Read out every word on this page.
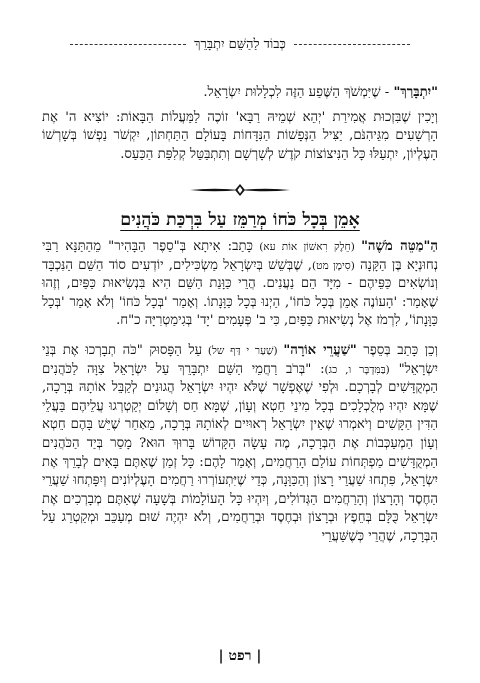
כְּבוֹד לַהַשֵּׁם יִתְבָּרֵךְ

"יִתְבָּרַךְ" - שֶׁיִּמְשֹׁךְ הַשֶּׁפַע הַזֶּה לִכְלָלוּת יִשְׂרָאֵל.

וְיָכִין שֶׁבִּזְכוּת אֲמִירַת 'יְהֵא שְׁמֵיהּ רַבָּא' זוֹכֶה לַמַּעֲלוֹת הַבָּאוֹת: יוֹצִיא ה' אֶת הָרְשָׁעִים מִגֵּיהִנֹּם, יַצִּיל הַנְּפָשׁוֹת הַנִּדָּחוֹת בָּעוֹלָם הַתַּחְתּוֹן, יִקְשֹׁר נַפְשׁוֹ בְּשָׁרְשׁוֹ הָעֶלְיוֹן, יִתְעַלּוּ כָּל הַנִּיצוֹצוֹת קֹדֶשׁ לְשָׁרְשָׁם וְתִתְבַּטֵּל קְלִפַּת הַכַּעַס.

אָמֵן בְּכָל כֹּחוֹ מְרַמֵּז עַל בִּרְכַּת כֹּהֲנִים

הַ"מַטֵּה מֹשֶׁה" (חֵלֶק רִאשׁוֹן אוֹת עא) כָּתַב: אִיתָא בְּ"סֵפֶר הַבָּהִיר" מֵהַתַּנָּא רַבִּי נְחוּנְיָא בֶּן הַקָּנָה (סִימָן מט), שֶׁבְּשֵׁשׁ בְּיִשְׂרָאֵל מַשְׂכִּילִים, יוֹדְעִים סוֹד הַשֵּׁם הַנִּכְבָּד וְנוֹשְׂאִים כַּפֵּיהֶם - מִיָּד הֵם נַעֲנִים. הֲרֵי כַּוָּנַת הַשֵּׁם הִיא בִּנְשִׂיאוּת כַּפַּיִם, וְזֶהוּ שֶׁאָמַר: 'הָעוֹנֶה אָמֵן בְּכָל כֹּחוֹ', הַיְנוּ בְּכָל כַּוָּנָתוֹ. וְאָמַר 'בְּכָל כֹּחוֹ' וְלֹא אָמַר 'בְּכָל כַּוָּנָתוֹ', לִרְמֹז אֶל נְשִׂיאוּת כַּפַּיִם, כִּי ב' פְּעָמִים 'יָד' בְּגִימַטְרִיָּה כ"ח.

וְכֵן כָּתַב בְּסֵפֶר "שַׁעֲרֵי אוֹרָה" (שַׁעַר י דַּף של) עַל הַפָּסוּק "כֹּה תְבָרְכוּ אֶת בְּנֵי יִשְׂרָאֵל" (בַּמִּדְבָּר ו, כג): "בְּרֹב רַחֲמֵי הַשֵּׁם יִתְבָּרֵךְ עַל יִשְׂרָאֵל צִוָּה לַכֹּהֲנִים הַמְקֻדָּשִׁים לְבָרְכָם. וּלְפִי שֶׁאֶפְשָׁר שֶׁלֹּא יִהְיוּ יִשְׂרָאֵל הֲגוּנִים לְקַבֵּל אוֹתָהּ בְּרָכָה, שֶׁמָּא יִהְיוּ מְלֻכְלָכִים בְּכָל מִינֵי חֵטְא וְעָוֹן, שֶׁמָּא חַס וְשָׁלוֹם יְקַטְרְגוּ עֲלֵיהֶם בַּעֲלֵי הַדִּין הַקָּשִׁים וְיֹאמְרוּ שֶׁאֵין יִשְׂרָאֵל רְאוּיִים לְאוֹתָהּ בְּרָכָה, מֵאַחַר שֶׁיֵּשׁ בָּהֶם חֵטְא וְעָוֹן הַמְעַכְּבוֹת אֶת הַבְּרָכָה, מֶה עָשָׂה הַקָּדוֹשׁ בָּרוּךְ הוּא? מָסַר בְּיַד הַכֹּהֲנִים הַמְקֻדָּשִׁים מַפְתְּחוֹת עוֹלַם הָרַחֲמִים, וְאָמַר לָהֶם: כָּל זְמַן שֶׁאַתֶּם בָּאִים לְבָרֵךְ אֶת יִשְׂרָאֵל, פִּתְחוּ שַׁעֲרֵי רָצוֹן וְהַכַּוָּנָה, כְּדֵי שֶׁיִּתְעוֹרְרוּ רַחֲמִים הָעֶלְיוֹנִים וְיִפָּתְחוּ שַׁעֲרֵי הַחֶסֶד וְהָרָצוֹן וְהָרַחֲמִים הַגְּדוֹלִים, וְיִהְיוּ כָּל הָעוֹלָמוֹת בְּשָׁעָה שֶׁאַתֶּם מְבָרְכִים אֶת יִשְׂרָאֵל כֻּלָּם בְּחֵפֶץ וּבְרָצוֹן וּבְחֶסֶד וּבְרַחֲמִים, וְלֹא יִהְיֶה שׁוּם מְעַכֵּב וּמְקַטְרֵג עַל הַבְּרָכָה, שֶׁהֲרֵי כְּשֶׁשַּׁעֲרֵי

| רפט |
